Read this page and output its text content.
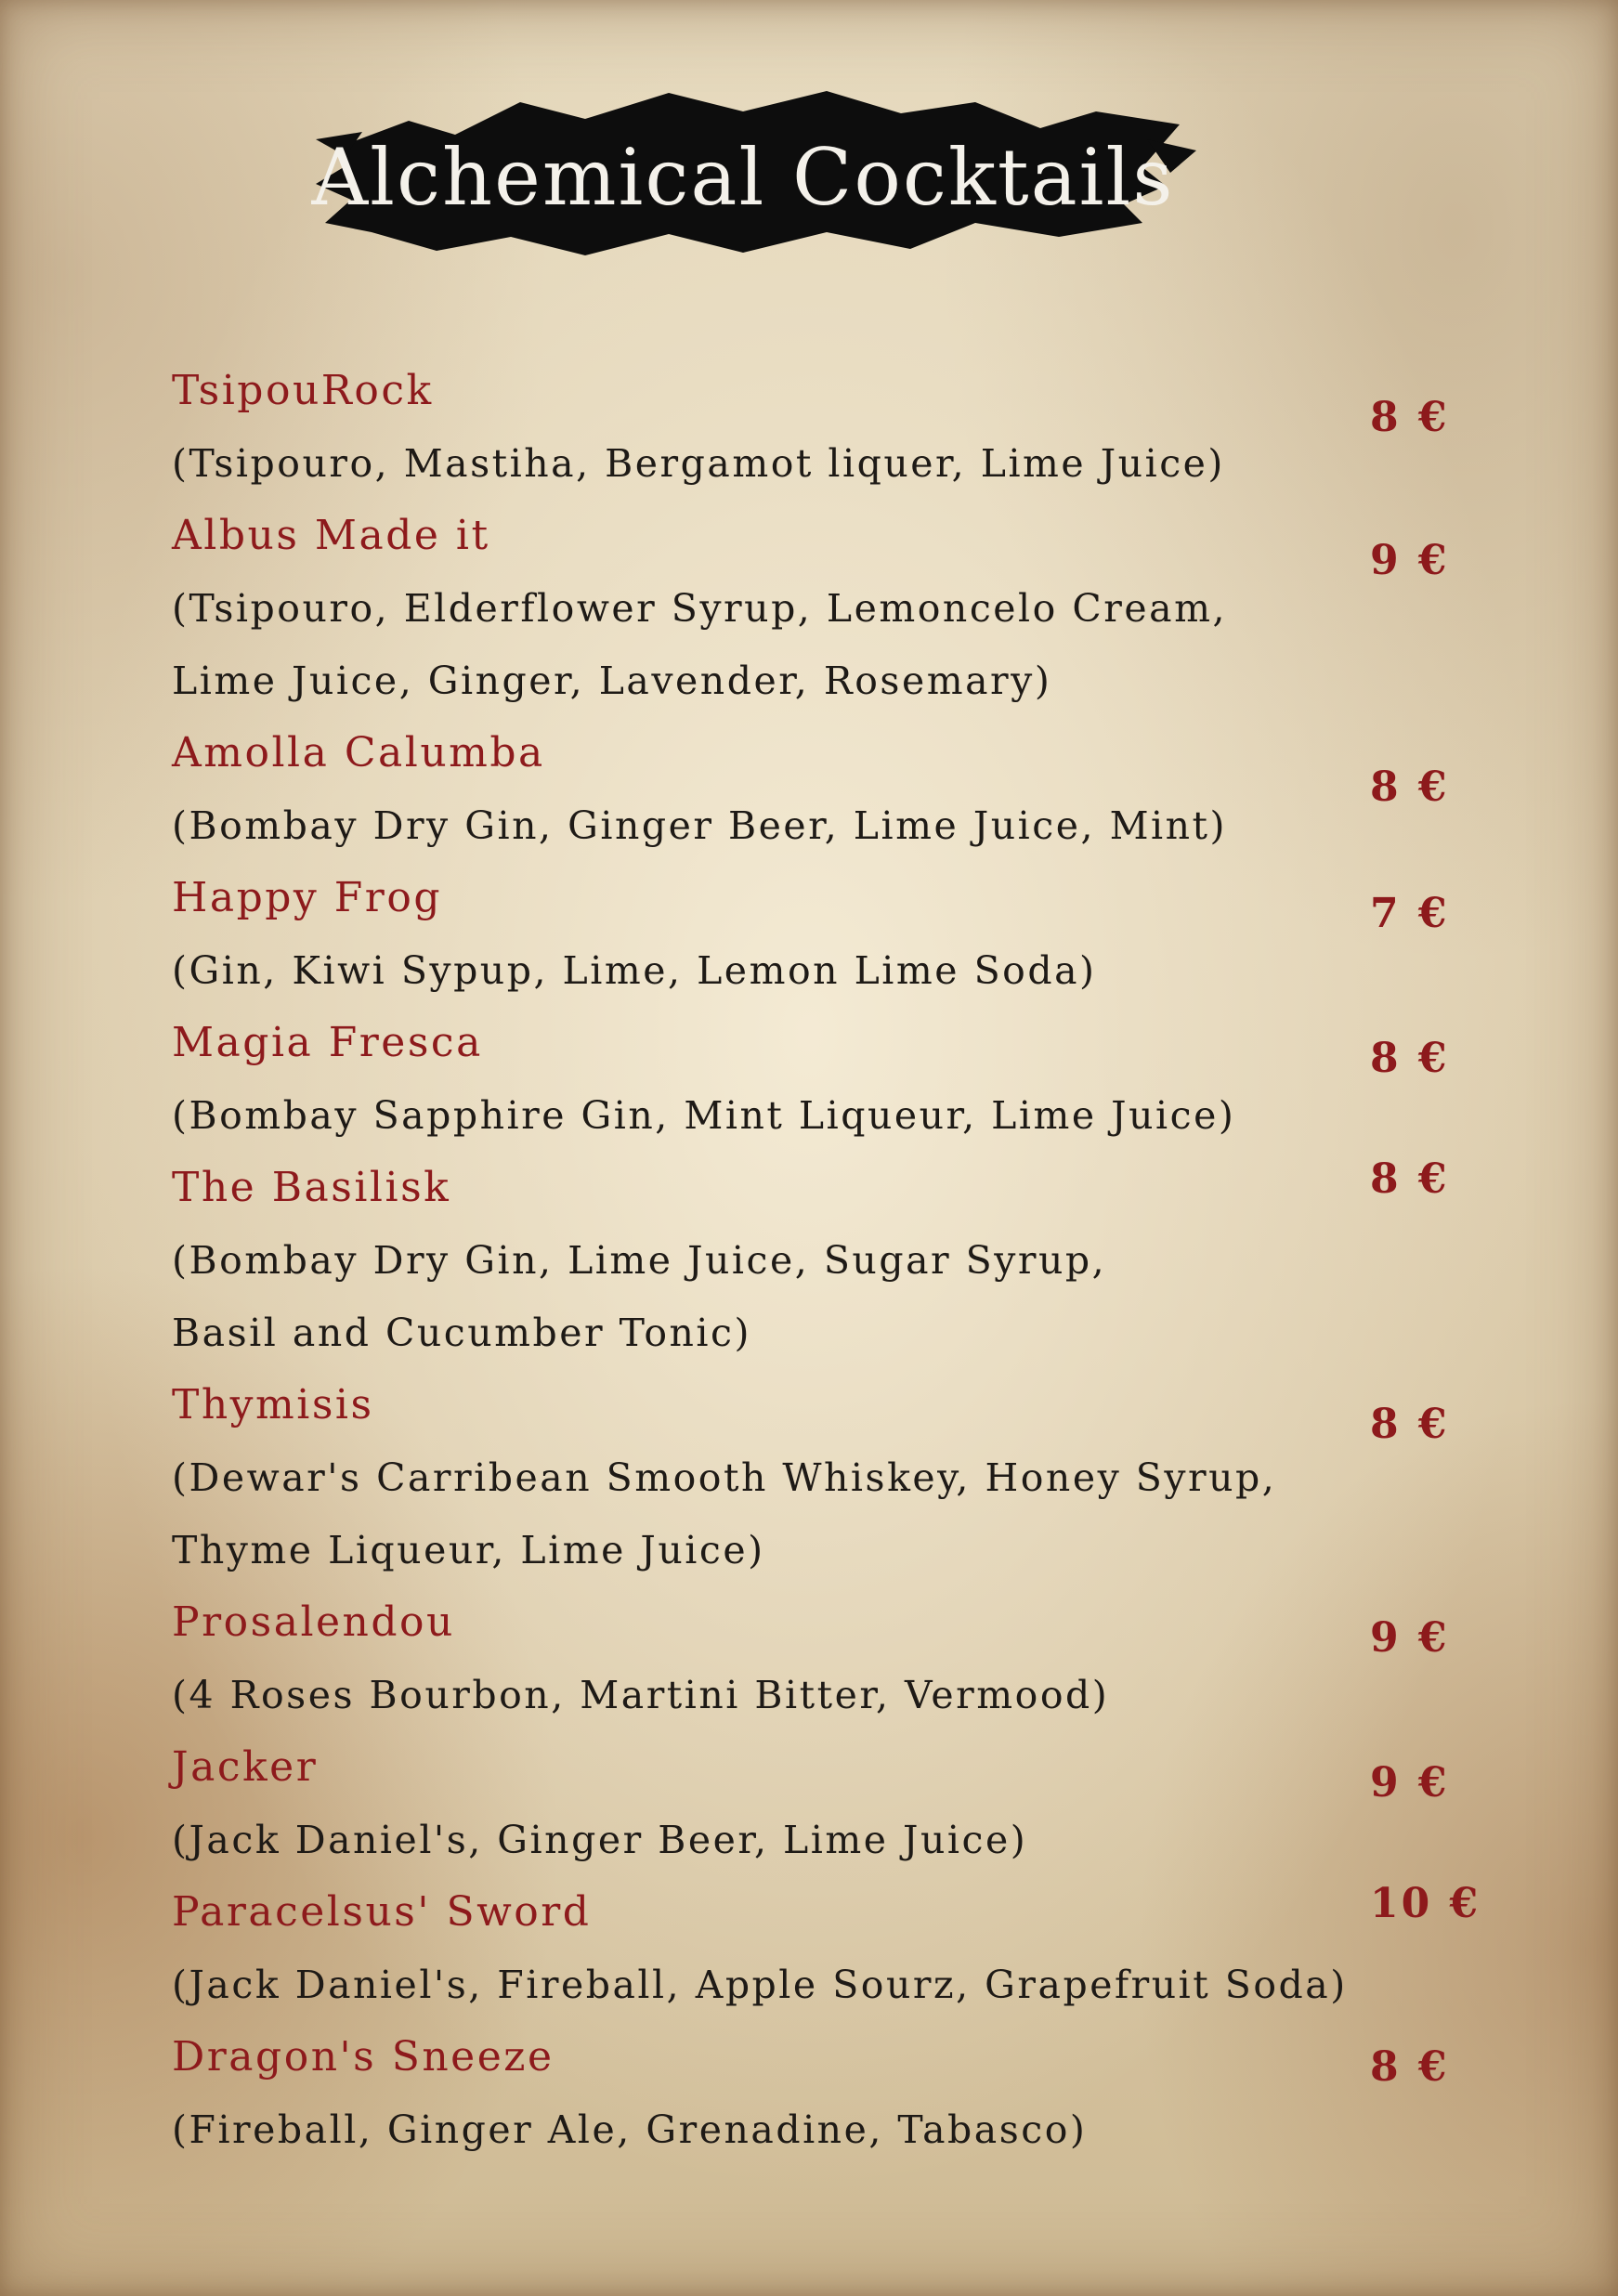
Alchemical Cocktails
TsipouRock
(Tsipouro, Mastiha, Bergamot liquer, Lime Juice)
8 €
Albus Made it
(Tsipouro, Elderflower Syrup, Lemoncelo Cream,
Lime Juice, Ginger, Lavender, Rosemary)
9 €
Amolla Calumba
(Bombay Dry Gin, Ginger Beer, Lime Juice, Mint)
8 €
Happy Frog
(Gin, Kiwi Sypup, Lime, Lemon Lime Soda)
7 €
Magia Fresca
(Bombay Sapphire Gin, Mint Liqueur, Lime Juice)
8 €
The Basilisk
(Bombay Dry Gin, Lime Juice, Sugar Syrup,
Basil and Cucumber Tonic)
8 €
Thymisis
(Dewar's Carribean Smooth Whiskey, Honey Syrup,
Thyme Liqueur, Lime Juice)
8 €
Prosalendou
(4 Roses Bourbon, Martini Bitter, Vermood)
9 €
Jacker
(Jack Daniel's, Ginger Beer, Lime Juice)
9 €
Paracelsus' Sword
(Jack Daniel's, Fireball, Apple Sourz, Grapefruit Soda)
10 €
Dragon's Sneeze
(Fireball, Ginger Ale, Grenadine, Tabasco)
8 €
